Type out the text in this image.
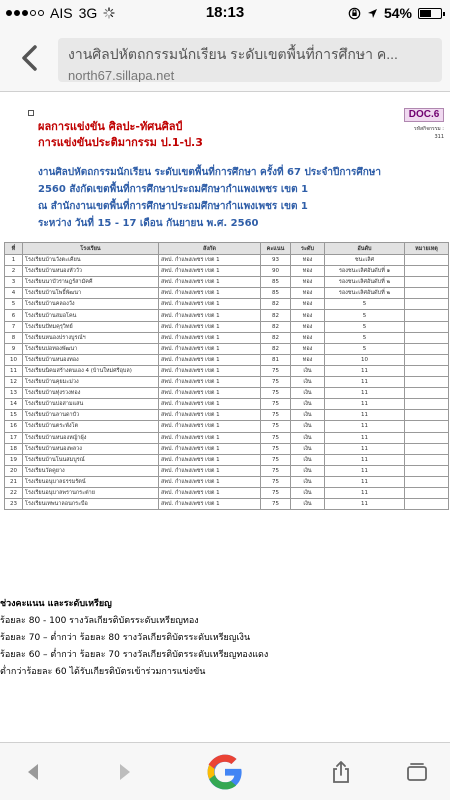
AIS 3G	18:13	54%
งานศิลปหัตถกรรมนักเรียน ระดับเขตพื้นที่การศึกษา ค...
north67.sillapa.net
DOC.6
รหัสกิจกรรม : 311
ผลการแข่งขัน ศิลปะ-ทัศนศิลป์
การแข่งขันประติมากรรม ป.1-ป.3
งานศิลปหัตถกรรมนักเรียน ระดับเขตพื้นที่การศึกษา ครั้งที่ 67 ประจำปีการศึกษา
2560 สังกัดเขตพื้นที่การศึกษาประถมศึกษากำแพงเพชร เขต 1
ณ สำนักงานเขตพื้นที่การศึกษาประถมศึกษากำแพงเพชร เขต 1
ระหว่าง วันที่ 15 - 17 เดือน กันยายน พ.ศ. 2560
ที่	โรงเรียน	สังกัด	คะแนน	ระดับ	อันดับ	หมายเหตุ
1	โรงเรียนบ้านวังตะเคียน	สพป. กำแพงเพชร เขต 1	93	ทอง	ชนะเลิศ	
2	โรงเรียนบ้านหนองหัววัว	สพป. กำแพงเพชร เขต 1	90	ทอง	รองชนะเลิศอันดับที่ ๑	
3	โรงเรียนนาบัวราษฎร์สามัคคี	สพป. กำแพงเพชร เขต 1	85	ทอง	รองชนะเลิศอันดับที่ ๒	
4	โรงเรียนบ้านโพธิ์พัฒนา	สพป. กำแพงเพชร เขต 1	85	ทอง	รองชนะเลิศอันดับที่ ๒	
5	โรงเรียนบ้านคลองวัง	สพป. กำแพงเพชร เขต 1	82	ทอง	5	
6	โรงเรียนบ้านสมอโคน	สพป. กำแพงเพชร เขต 1	82	ทอง	5	
7	โรงเรียนปัทมคุรุวิทย์	สพป. กำแพงเพชร เขต 1	82	ทอง	5	
8	โรงเรียนหนองปรางบูรณ์ฯ	สพป. กำแพงเพชร เขต 1	82	ทอง	5	
9	โรงเรียนบ่อทองพัฒนา	สพป. กำแพงเพชร เขต 1	82	ทอง	5	
10	โรงเรียนบ้านหนองทอง	สพป. กำแพงเพชร เขต 1	81	ทอง	10	
11	โรงเรียนนิคมสร้างตนเอง 4 (บ้านใหม่ศรีอุบล)	สพป. กำแพงเพชร เขต 1	75	เงิน	11	
12	โรงเรียนบ้านคุยมะม่วง	สพป. กำแพงเพชร เขต 1	75	เงิน	11	
13	โรงเรียนบ้านทุ่งรวงทอง	สพป. กำแพงเพชร เขต 1	75	เงิน	11	
14	โรงเรียนบ้านบ่อสามแสน	สพป. กำแพงเพชร เขต 1	75	เงิน	11	
15	โรงเรียนบ้านลานดาบัว	สพป. กำแพงเพชร เขต 1	75	เงิน	11	
16	โรงเรียนบ้านตระพังโต	สพป. กำแพงเพชร เขต 1	75	เงิน	11	
17	โรงเรียนบ้านหนองหญ้าผุ้ง	สพป. กำแพงเพชร เขต 1	75	เงิน	11	
18	โรงเรียนบ้านหนองพลวง	สพป. กำแพงเพชร เขต 1	75	เงิน	11	
19	โรงเรียนบ้านโนนสมบูรณ์	สพป. กำแพงเพชร เขต 1	75	เงิน	11	
20	โรงเรียนวัดคูยาง	สพป. กำแพงเพชร เขต 1	75	เงิน	11	
21	โรงเรียนอนุบาลธรรมรัตน์	สพป. กำแพงเพชร เขต 1	75	เงิน	11	
22	โรงเรียนอนุบาลพรานกระต่าย	สพป. กำแพงเพชร เขต 1	75	เงิน	11	
23	โรงเรียนเทพนาลอนกระบือ	สพป. กำแพงเพชร เขต 1	75	เงิน	11	
ช่วงคะแนน และระดับเหรียญ
ร้อยละ 80 - 100 รางวัลเกียรติบัตรระดับเหรียญทอง
ร้อยละ 70 – ต่ำกว่า ร้อยละ 80 รางวัลเกียรติบัตรระดับเหรียญเงิน
ร้อยละ 60 – ต่ำกว่า ร้อยละ 70 รางวัลเกียรติบัตรระดับเหรียญทองแดง
ต่ำกว่าร้อยละ 60 ได้รับเกียรติบัตรเข้าร่วมการแข่งขัน
